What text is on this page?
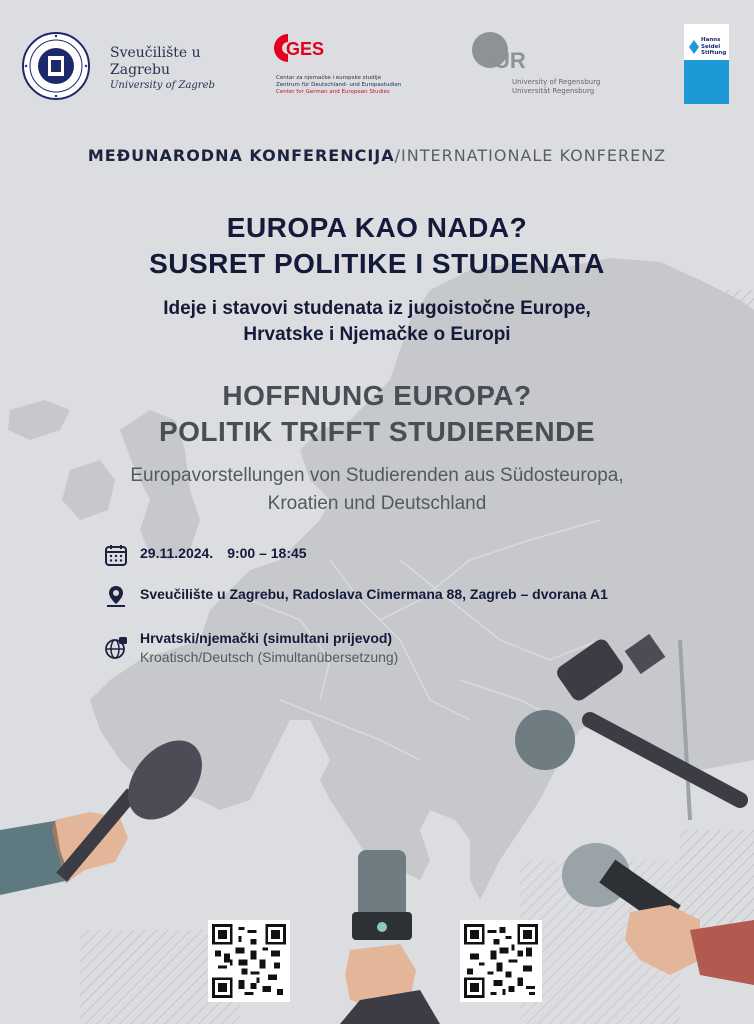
Sveučilište u
Zagrebu
University of Zagreb
GES
Centar za njemačke i europske studije
Zentrum für Deutschland- und Europastudien
Center for German and European Studies
UR
University of Regensburg
Universität Regensburg
Hanns
Seidel
Stiftung
MEĐUNARODNA KONFERENCIJA/INTERNATIONALE KONFERENZ
EUROPA KAO NADA?
SUSRET POLITIKE I STUDENATA
Ideje i stavovi studenata iz jugoistočne Europe,
Hrvatske i Njemačke o Europi
HOFFNUNG EUROPA?
POLITIK TRIFFT STUDIERENDE
Europavorstellungen von Studierenden aus Südosteuropa,
Kroatien und Deutschland
29.11.2024. 9:00 – 18:45
Sveučilište u Zagrebu, Radoslava Cimermana 88, Zagreb – dvorana A1
Hrvatski/njemački (simultani prijevod)
Kroatisch/Deutsch (Simultanübersetzung)
